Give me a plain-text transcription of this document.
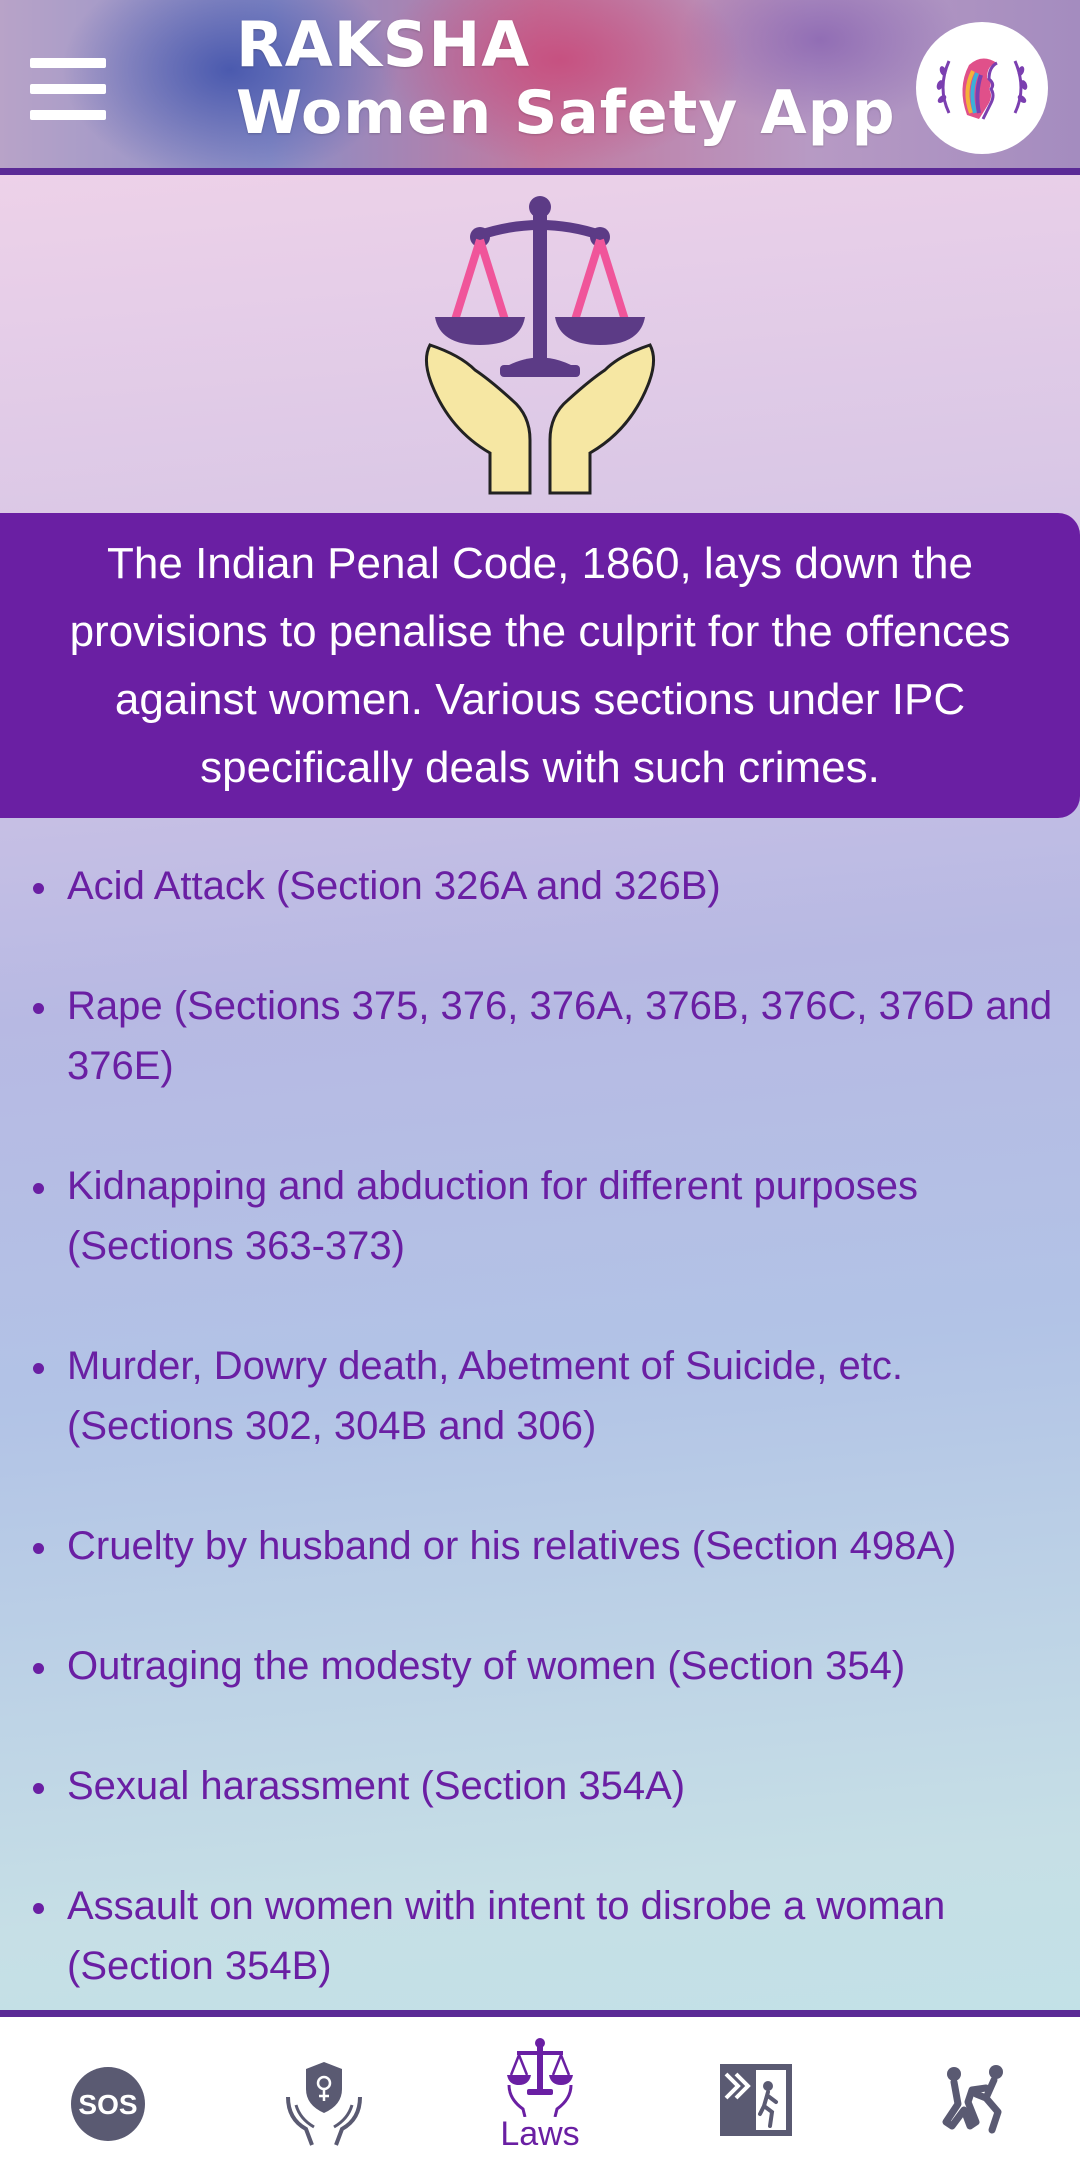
RAKSHA
Women Safety App

The Indian Penal Code, 1860, lays down the provisions to penalise the culprit for the offences against women. Various sections under IPC specifically deals with such crimes.

Acid Attack (Section 326A and 326B)
Rape (Sections 375, 376, 376A, 376B, 376C, 376D and 376E)
Kidnapping and abduction for different purposes (Sections 363-373)
Murder, Dowry death, Abetment of Suicide, etc. (Sections 302, 304B and 306)
Cruelty by husband or his relatives (Section 498A)
Outraging the modesty of women (Section 354)
Sexual harassment (Section 354A)
Assault on women with intent to disrobe a woman (Section 354B)
SOS
Laws
